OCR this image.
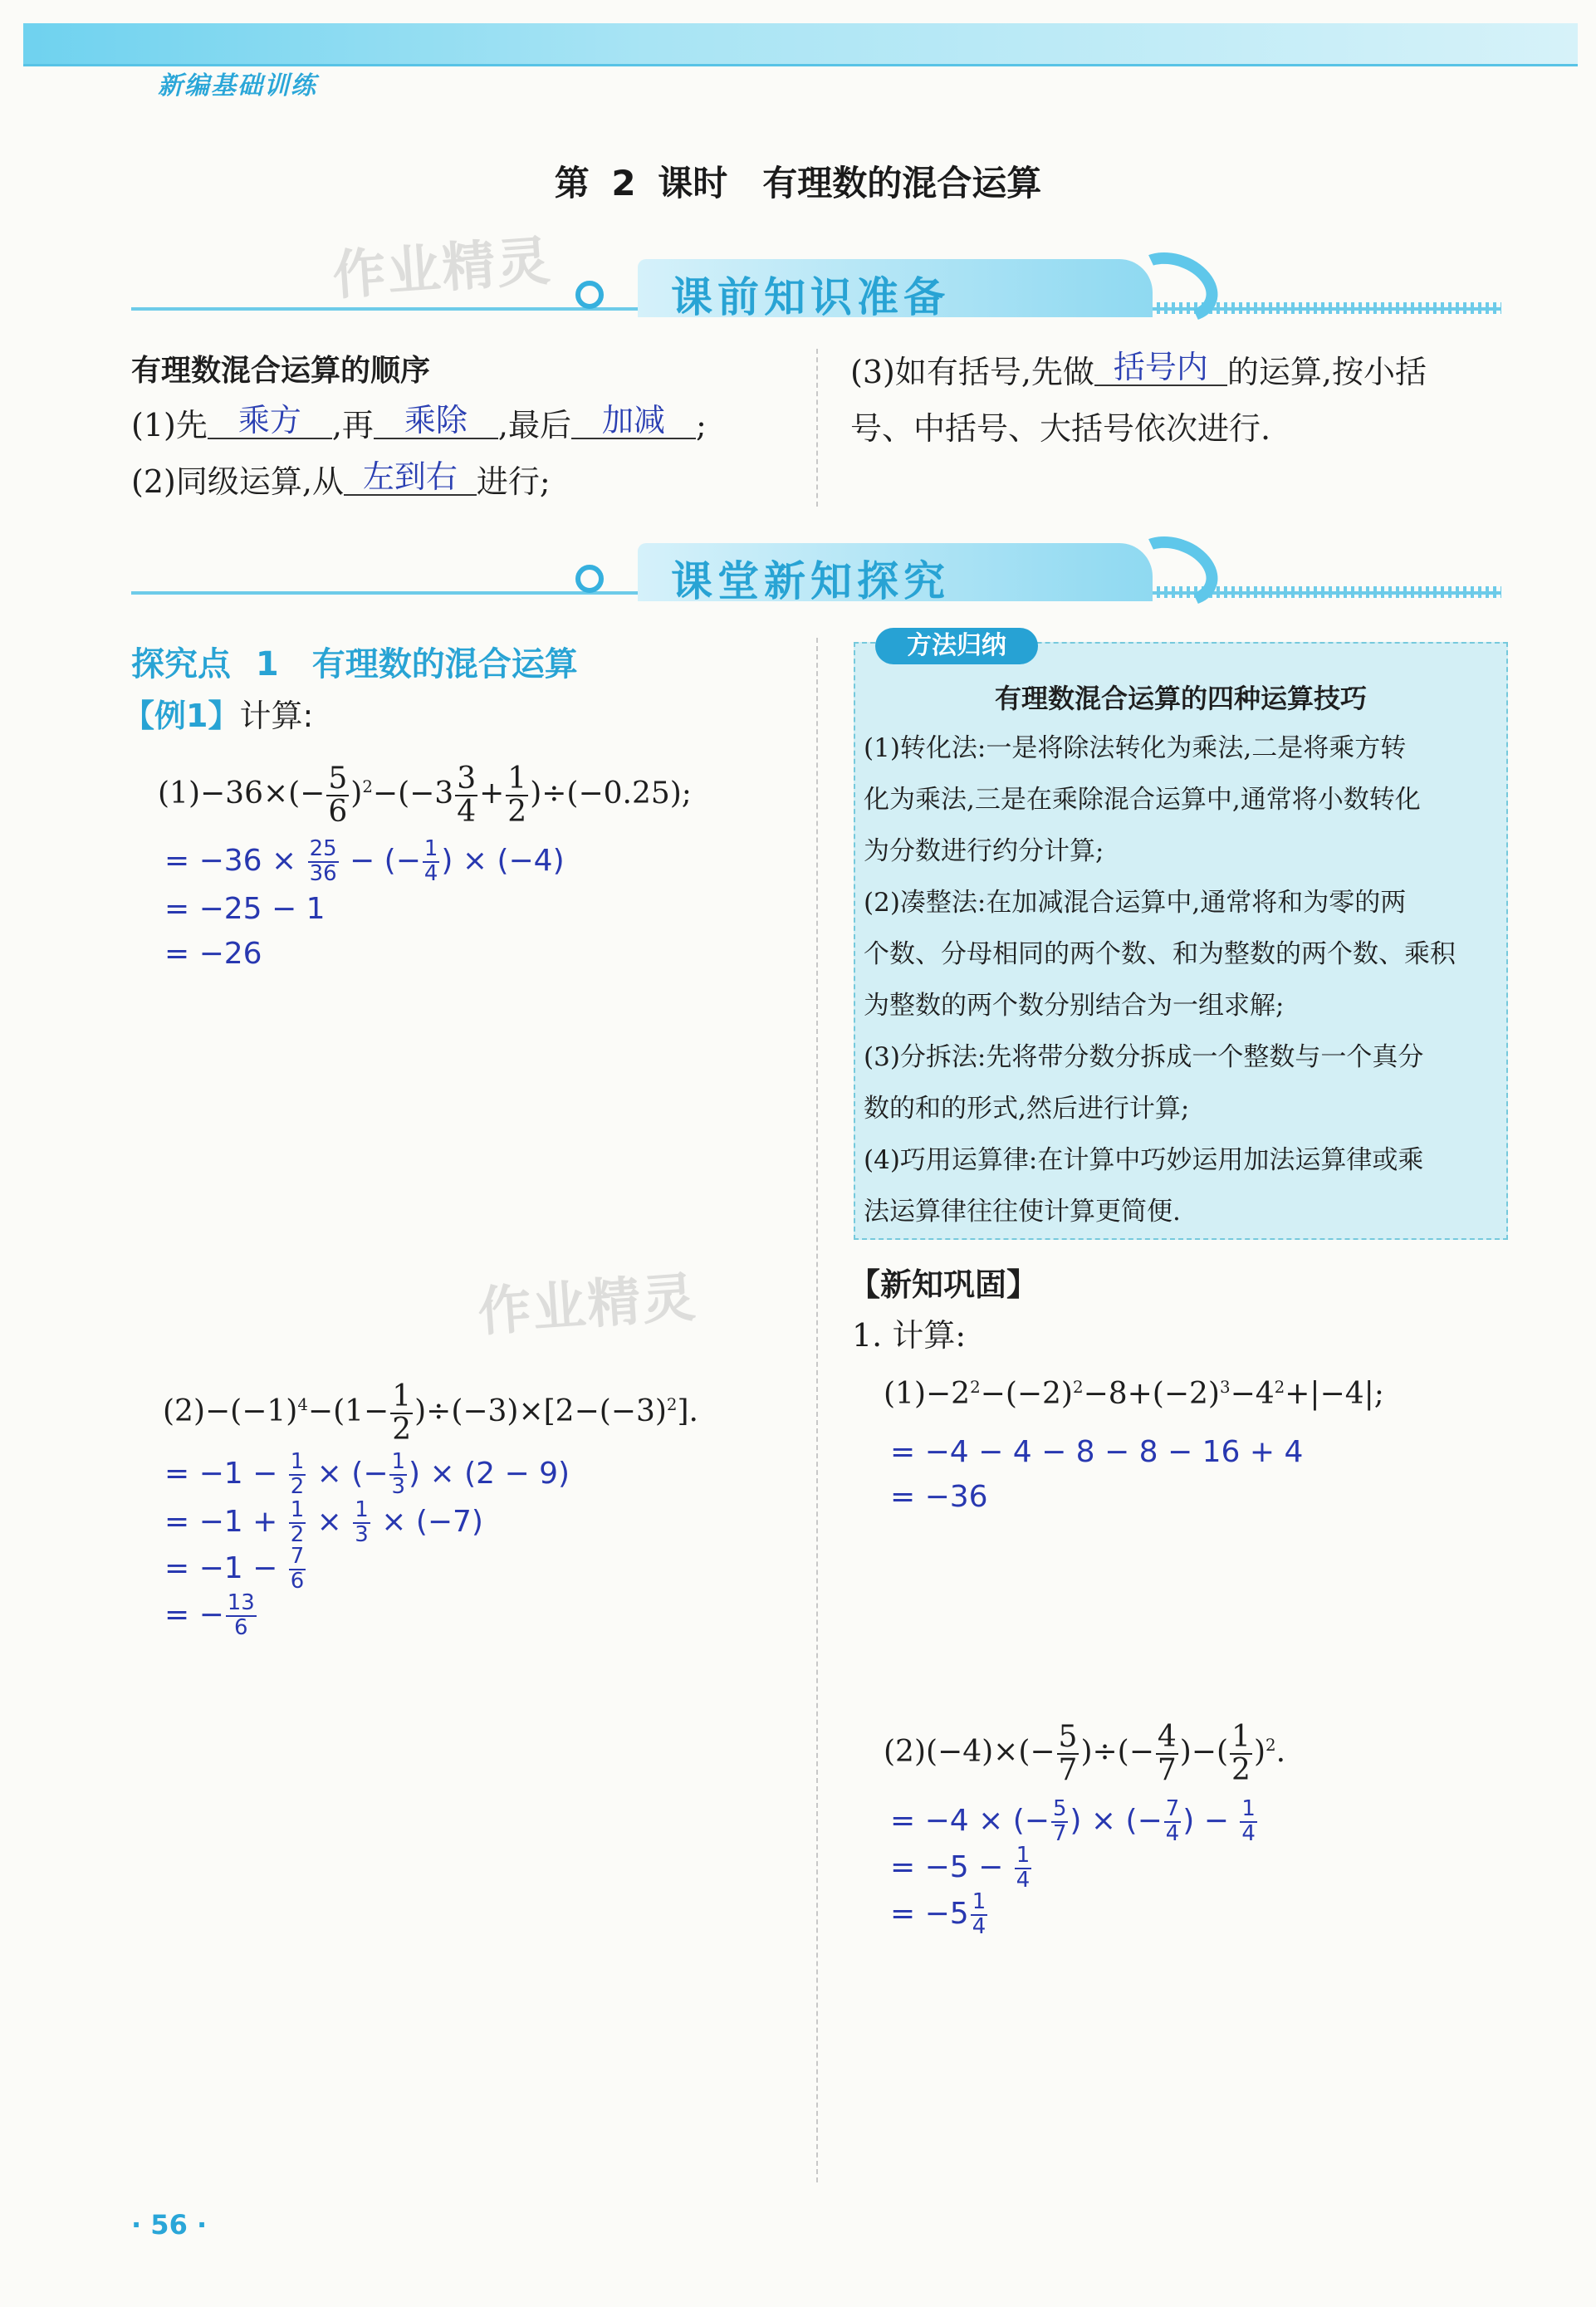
新编基础训练
第 2 课时　有理数的混合运算
作业精灵
作业精灵
课前知识准备
有理数混合运算的顺序
(1)先 乘方 ,再 乘除 ,最后 加减 ;
(2)同级运算,从 左到右 进行;
(3)如有括号,先做 括号内 的运算,按小括
号、中括号、大括号依次进行.
课堂新知探究
探究点 1　有理数的混合运算
【例1】计算:
$(1)-36\times(- \frac{5}{6} )^2-(-3 \frac{3}{4} + \frac{1}{2} )\div(-0.25)$;
= $-36 \times \frac{25}{36}$ − (− $\frac{1}{4}$ ) × (−4)
= −25 − 1
= −26
$(2)-(-1)^4-(1- \frac{1}{2} )\div(-3)\times[2-(-3)^2]$.
= $-1 - \frac{1}{2}$ × (− $\frac{1}{3}$ ) × (2 − 9)
= $-1 + \frac{1}{2} \times \frac{1}{3} \times (-7)$
= $-1 - \frac{7}{6}$
= − $\frac{13}{6}$
方法归纳
有理数混合运算的四种运算技巧
(1)转化法:一是将除法转化为乘法,二是将乘方转
化为乘法,三是在乘除混合运算中,通常将小数转化
为分数进行约分计算;
(2)凑整法:在加减混合运算中,通常将和为零的两
个数、分母相同的两个数、和为整数的两个数、乘积
为整数的两个数分别结合为一组求解;
(3)分拆法:先将带分数分拆成一个整数与一个真分
数的和的形式,然后进行计算;
(4)巧用运算律:在计算中巧妙运用加法运算律或乘
法运算律往往使计算更简便.
【新知巩固】
1. 计算:
$(1)-2^2-(-2)^2-8+(-2)^3-4^2+|-4|$;
= −4 − 4 − 8 − 8 − 16 + 4
= −36
$(2)(-4)\times(- \frac{5}{7}$ )÷(− $\frac{4}{7}$ )−( $\frac{1}{2} )^2$.
= −4 × (− $\frac{5}{7}$ ) × (− $\frac{7}{4}$ ) − $\frac{1}{4}$
= $-5 - \frac{1}{4}$
= $-5 \frac{1}{4}$
· 56 ·
